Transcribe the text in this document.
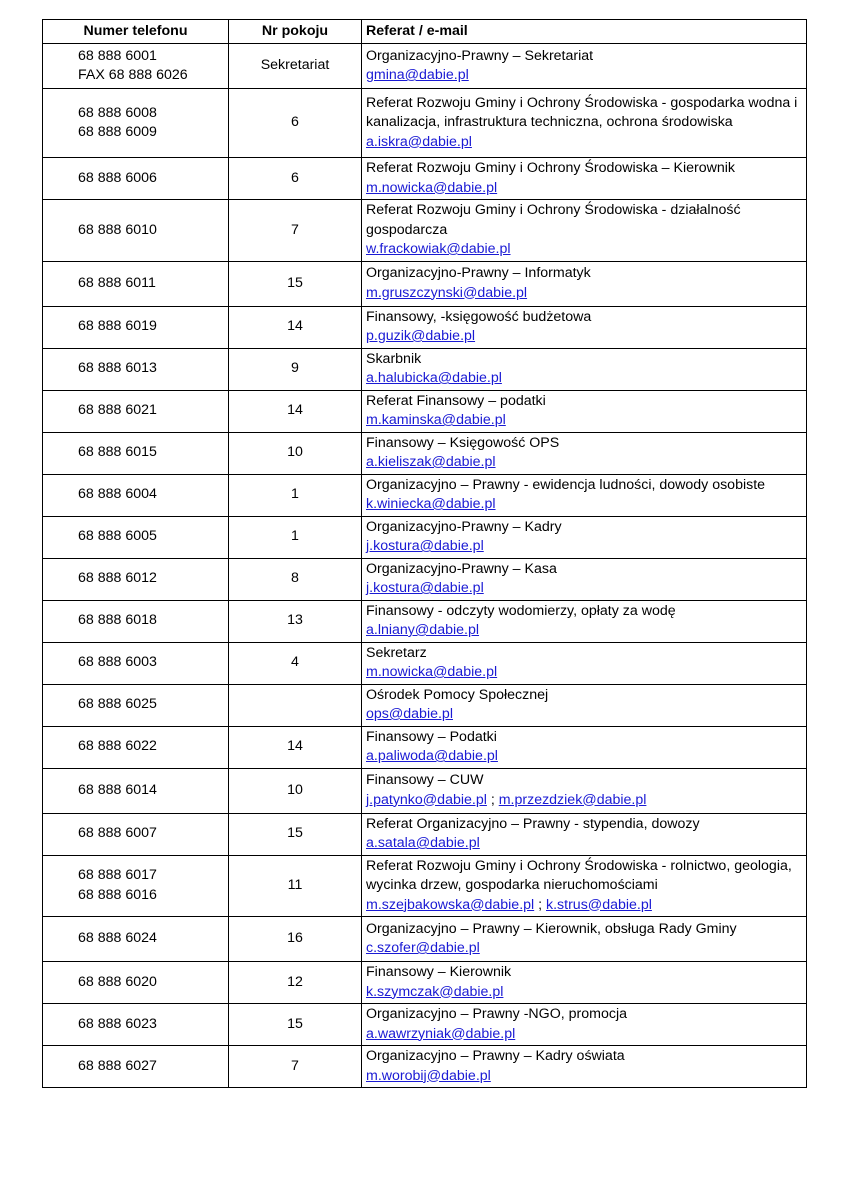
Numer telefonu	Nr pokoju	Referat / e-mail

68 888 6001
FAX 68 888 6026	Sekretariat	Organizacyjno-Prawny – Sekretariat
gmina@dabie.pl

68 888 6008
68 888 6009	6	Referat Rozwoju Gminy i Ochrony Środowiska - gospodarka wodna i kanalizacja, infrastruktura techniczna, ochrona środowiska
a.iskra@dabie.pl

68 888 6006	6	Referat Rozwoju Gminy i Ochrony Środowiska – Kierownik
m.nowicka@dabie.pl

68 888 6010	7	Referat Rozwoju Gminy i Ochrony Środowiska - działalność gospodarcza
w.frackowiak@dabie.pl

68 888 6011	15	Organizacyjno-Prawny – Informatyk
m.gruszczynski@dabie.pl

68 888 6019	14	Finansowy, -księgowość budżetowa
p.guzik@dabie.pl

68 888 6013	9	Skarbnik
a.halubicka@dabie.pl

68 888 6021	14	Referat Finansowy – podatki
m.kaminska@dabie.pl

68 888 6015	10	Finansowy – Księgowość OPS
a.kieliszak@dabie.pl

68 888 6004	1	Organizacyjno – Prawny - ewidencja ludności, dowody osobiste
k.winiecka@dabie.pl

68 888 6005	1	Organizacyjno-Prawny – Kadry
j.kostura@dabie.pl

68 888 6012	8	Organizacyjno-Prawny – Kasa
j.kostura@dabie.pl

68 888 6018	13	Finansowy - odczyty wodomierzy, opłaty za wodę
a.lniany@dabie.pl

68 888 6003	4	Sekretarz
m.nowicka@dabie.pl

68 888 6025		Ośrodek Pomocy Społecznej
ops@dabie.pl

68 888 6022	14	Finansowy – Podatki
a.paliwoda@dabie.pl

68 888 6014	10	Finansowy – CUW
j.patynko@dabie.pl ; m.przezdziek@dabie.pl

68 888 6007	15	Referat Organizacyjno – Prawny - stypendia, dowozy
a.satala@dabie.pl

68 888 6017
68 888 6016	11	Referat Rozwoju Gminy i Ochrony Środowiska - rolnictwo, geologia, wycinka drzew, gospodarka nieruchomościami
m.szejbakowska@dabie.pl ; k.strus@dabie.pl

68 888 6024	16	Organizacyjno – Prawny – Kierownik, obsługa Rady Gminy
c.szofer@dabie.pl

68 888 6020	12	Finansowy – Kierownik
k.szymczak@dabie.pl

68 888 6023	15	Organizacyjno – Prawny -NGO, promocja
a.wawrzyniak@dabie.pl

68 888 6027	7	Organizacyjno – Prawny – Kadry oświata
m.worobij@dabie.pl
